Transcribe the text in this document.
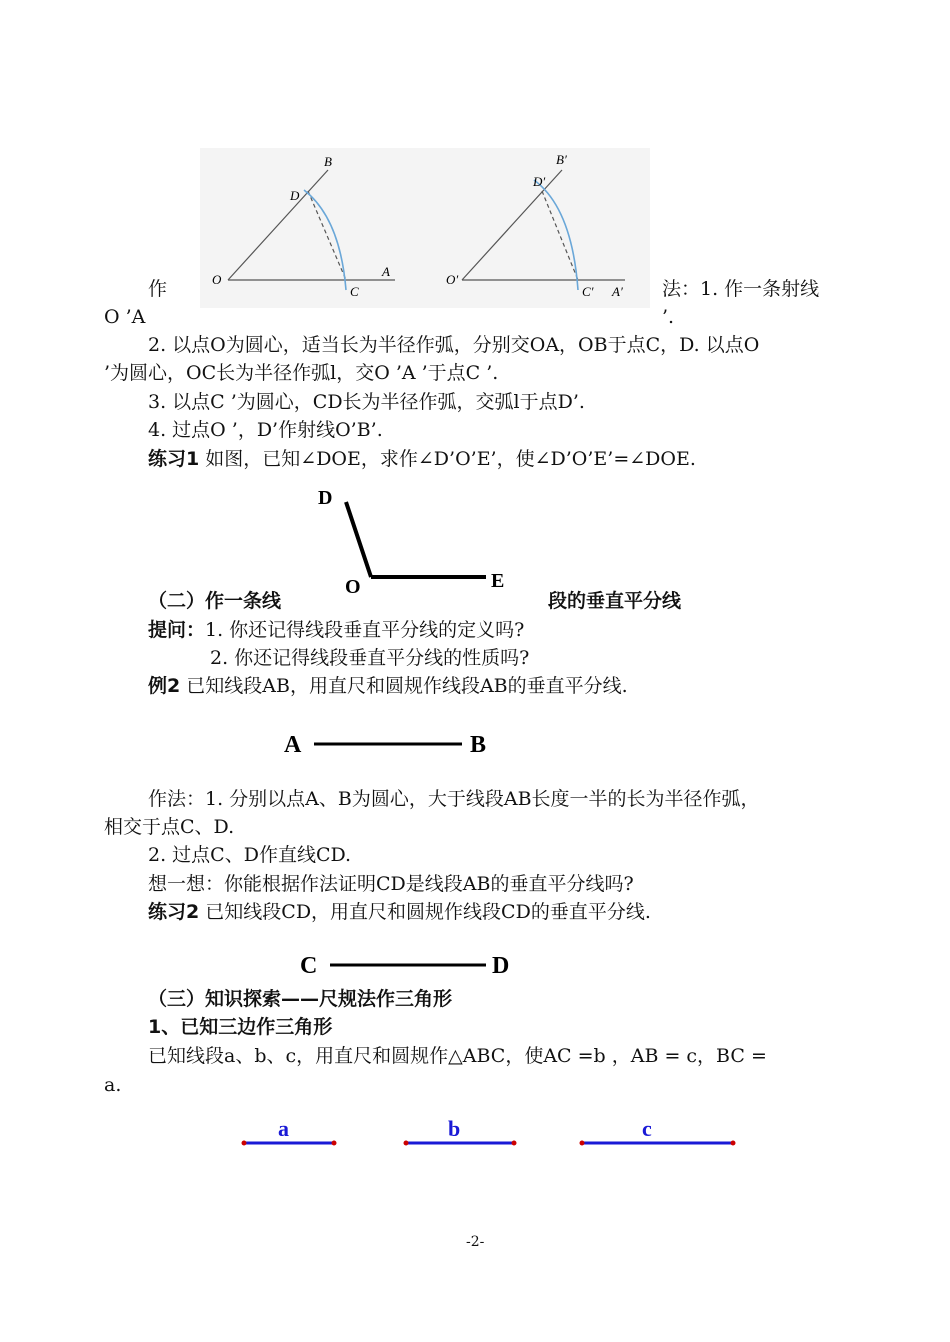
B
D
O
C
A
B′
D′
O′
C′ A′
作	法：1. 作一条射线
O ’A	’.
2. 以点O为圆心，适当长为半径作弧，分别交OA，OB于点C，D. 以点O
’为圆心，OC长为半径作弧l，交O ’A ’于点C ’.
3. 以点C ’为圆心，CD长为半径作弧，交弧l于点D’.
4. 过点O ’，D’作射线O’B’.
练习1 如图，已知∠DOE，求作∠D’O’E’，使∠D’O’E’=∠DOE.
D
O	E
（二）作一条线	段的垂直平分线
提问：1. 你还记得线段垂直平分线的定义吗?
2. 你还记得线段垂直平分线的性质吗?
例2 已知线段AB，用直尺和圆规作线段AB的垂直平分线.
A	B
作法：1. 分别以点A、B为圆心，大于线段AB长度一半的长为半径作弧，
相交于点C、D.
2. 过点C、D作直线CD.
想一想：你能根据作法证明CD是线段AB的垂直平分线吗?
练习2 已知线段CD，用直尺和圆规作线段CD的垂直平分线.
C	D
（三）知识探索——尺规法作三角形
1、已知三边作三角形
已知线段a、b、c，用直尺和圆规作△ABC，使AC =b ，AB = c，BC =
a.
a	b	c
-2-
